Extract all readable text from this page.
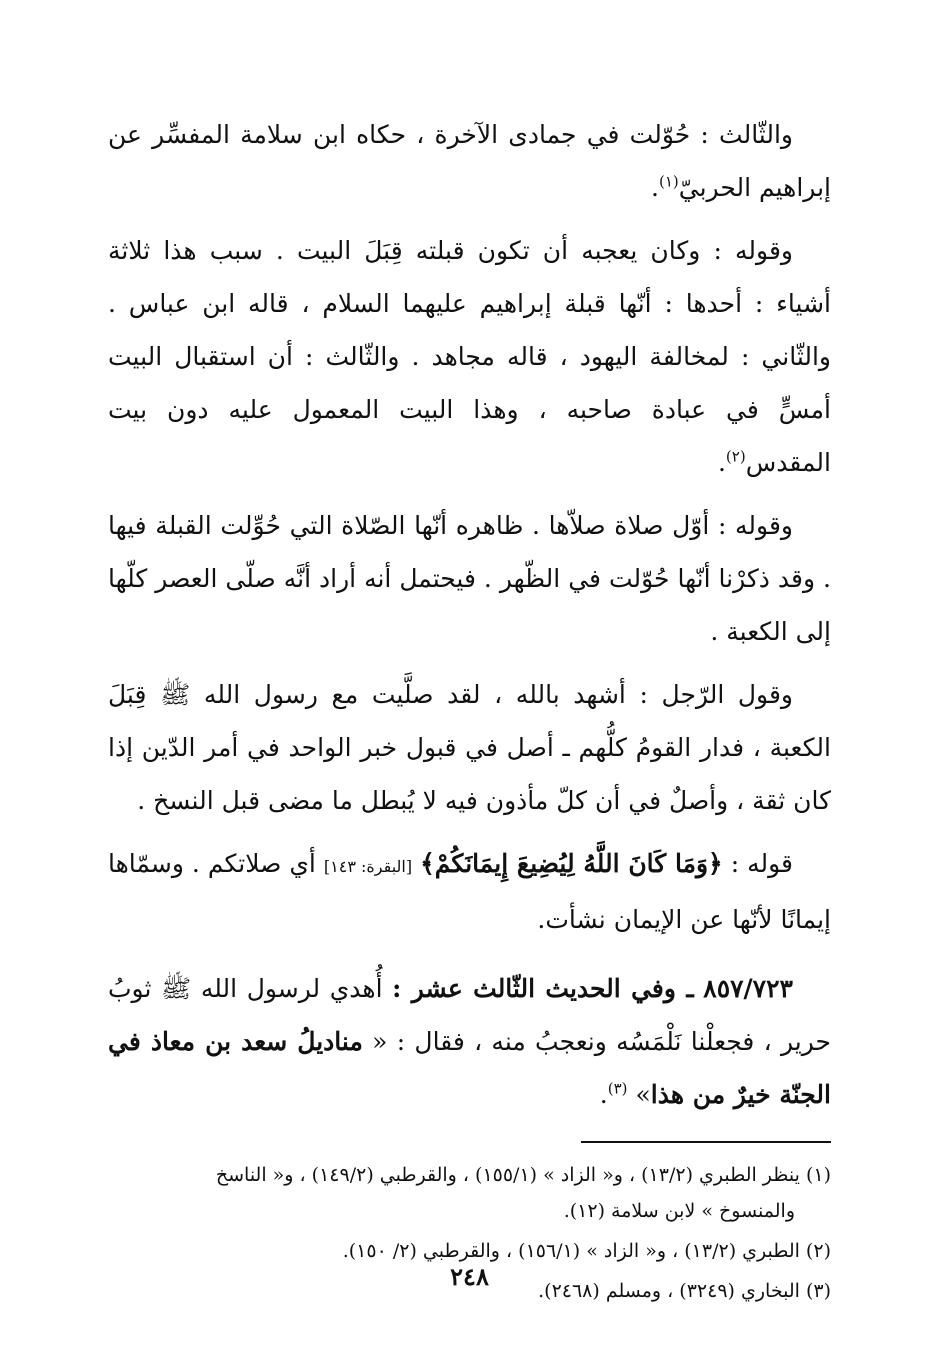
والثّالث : حُوّلت في جمادى الآخرة ، حكاه ابن سلامة المفسِّر عن إبراهيم الحربيّ$^{(١)}$.

وقوله : وكان يعجبه أن تكون قبلته قِبَلَ البيت . سبب هذا ثلاثة أشياء : أحدها : أنّها قبلة إبراهيم عليهما السلام ، قاله ابن عباس . والثّاني : لمخالفة اليهود ، قاله مجاهد . والثّالث : أن استقبال البيت أمسٍّ في عبادة صاحبه ، وهذا البيت المعمول عليه دون بيت المقدس$^{(٢)}$.

وقوله : أوّل صلاة صلاّها . ظاهره أنّها الصّلاة التي حُوِّلت القبلة فيها . وقد ذكرْنا أنّها حُوّلت في الظّهر . فيحتمل أنه أراد أنَّه صلّى العصر كلّها إلى الكعبة .

وقول الرّجل : أشهد بالله ، لقد صلَّيت مع رسول الله ﷺ قِبَلَ الكعبة ، فدار القومُ كلُّهم ـ أصل في قبول خبر الواحد في أمر الدّين إذا كان ثقة ، وأصلٌ في أن كلّ مأذون فيه لا يُبطل ما مضى قبل النسخ .

قوله : ﴿وَمَا كَانَ اللَّهُ لِيُضِيعَ إِيمَانَكُمْ﴾ [البقرة: ١٤٣] أي صلاتكم . وسمّاها إيمانًا لأنّها عن الإيمان نشأت.

٨٥٧/٧٢٣ ـ وفي الحديث الثّالث عشر : أُهدي لرسول الله ﷺ ثوبُ حرير ، فجعلْنا نَلْمَسُه ونعجبُ منه ، فقال : « مناديلُ سعد بن معاذ في الجنّة خيرٌ من هذا» $^{(٣)}$.

(١) ينظر الطبري (١٣/٢) ، و« الزاد » (١٥٥/١) ، والقرطبي (١٤٩/٢) ، و« الناسخ
والمنسوخ » لابن سلامة (١٢).
(٢) الطبري (١٣/٢) ، و« الزاد » (١٥٦/١) ، والقرطبي (٢/ ١٥٠).
(٣) البخاري (٣٢٤٩) ، ومسلم (٢٤٦٨).
٢٤٨
